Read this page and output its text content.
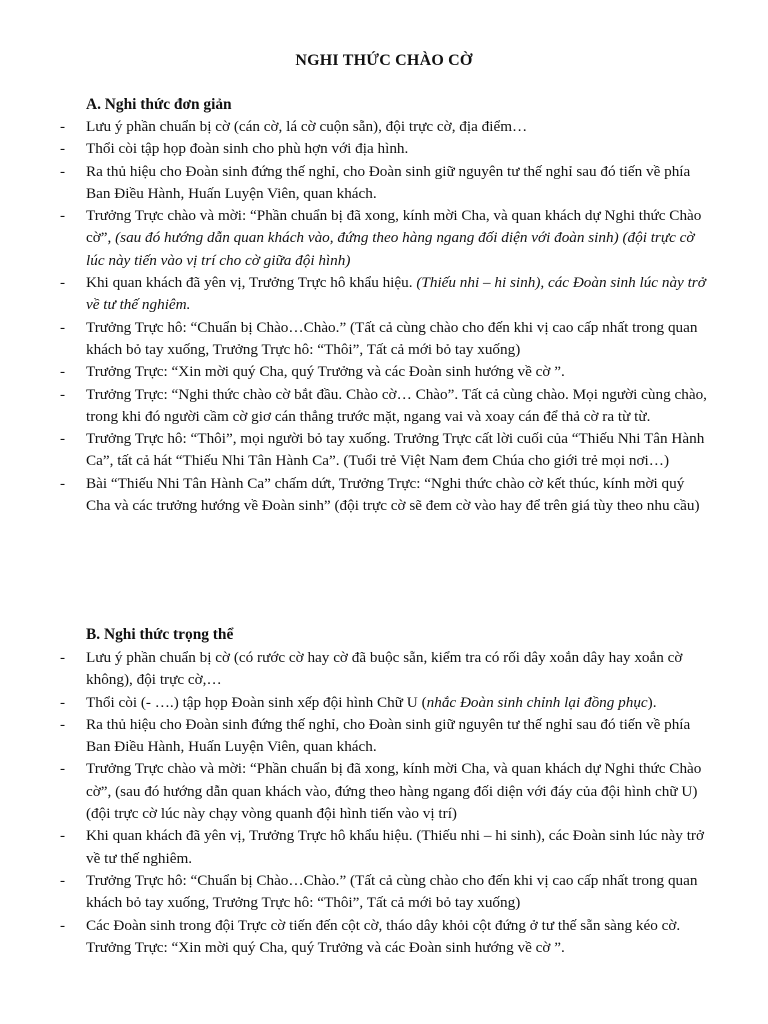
NGHI THỨC CHÀO CỜ
A. Nghi thức đơn giản
- Lưu ý phần chuẩn bị cờ (cán cờ, lá cờ cuộn sẵn), đội trực cờ, địa điểm…
- Thổi còi tập họp đoàn sinh cho phù hợn với địa hình.
- Ra thủ hiệu cho Đoàn sinh đứng thế nghỉ, cho Đoàn sinh giữ nguyên tư thế nghỉ sau đó tiến về phía Ban Điều Hành, Huấn Luyện Viên, quan khách.
- Trưởng Trực chào và mời: “Phần chuẩn bị đã xong, kính mời Cha, và quan khách dự Nghi thức Chào cờ”, (sau đó hướng dẫn quan khách vào, đứng theo hàng ngang đối diện với đoàn sinh) (đội trực cờ lúc này tiến vào vị trí cho cờ giữa đội hình)
- Khi quan khách đã yên vị, Trưởng Trực hô khẩu hiệu. (Thiếu nhi – hi sinh), các Đoàn sinh lúc này trở về tư thế nghiêm.
- Trưởng Trực hô: “Chuẩn bị Chào…Chào.” (Tất cả cùng chào cho đến khi vị cao cấp nhất trong quan khách bỏ tay xuống, Trưởng Trực hô: “Thôi”, Tất cả mới bỏ tay xuống)
- Trưởng Trực: “Xin mời quý Cha, quý Trưởng và các Đoàn sinh hướng về cờ ”.
- Trưởng Trực: “Nghi thức chào cờ bắt đầu. Chào cờ… Chào”. Tất cả cùng chào. Mọi người cùng chào, trong khi đó người cầm cờ giơ cán thẳng trước mặt, ngang vai và xoay cán để thả cờ ra từ từ.
- Trưởng Trực hô: “Thôi”, mọi người bỏ tay xuống. Trưởng Trực cất lời cuối của “Thiếu Nhi Tân Hành Ca”, tất cả hát “Thiếu Nhi Tân Hành Ca”. (Tuổi trẻ Việt Nam đem Chúa cho giới trẻ mọi nơi…)
- Bài “Thiếu Nhi Tân Hành Ca” chấm dứt, Trưởng Trực: “Nghi thức chào cờ kết thúc, kính mời quý Cha và các trưởng hướng về Đoàn sinh” (đội trực cờ sẽ đem cờ vào hay để trên giá tùy theo nhu cầu)
B. Nghi thức trọng thể
- Lưu ý phần chuẩn bị cờ (có rước cờ hay cờ đã buộc sẵn, kiểm tra có rối dây xoắn dây hay xoắn cờ không), đội trực cờ,…
- Thổi còi (- ….) tập họp Đoàn sinh xếp đội hình Chữ U (nhắc Đoàn sinh chỉnh lại đồng phục).
- Ra thủ hiệu cho Đoàn sinh đứng thế nghỉ, cho Đoàn sinh giữ nguyên tư thế nghỉ sau đó tiến về phía Ban Điều Hành, Huấn Luyện Viên, quan khách.
- Trưởng Trực chào và mời: “Phần chuẩn bị đã xong, kính mời Cha, và quan khách dự Nghi thức Chào cờ”, (sau đó hướng dẫn quan khách vào, đứng theo hàng ngang đối diện với đáy của đội hình chữ U) (đội trực cờ lúc này chạy vòng quanh đội hình tiến vào vị trí)
- Khi quan khách đã yên vị, Trưởng Trực hô khẩu hiệu. (Thiếu nhi – hi sinh), các Đoàn sinh lúc này trở về tư thế nghiêm.
- Trưởng Trực hô: “Chuẩn bị Chào…Chào.” (Tất cả cùng chào cho đến khi vị cao cấp nhất trong quan khách bỏ tay xuống, Trưởng Trực hô: “Thôi”, Tất cả mới bỏ tay xuống)
- Các Đoàn sinh trong đội Trực cờ tiến đến cột cờ, tháo dây khỏi cột đứng ở tư thế sẵn sàng kéo cờ. Trưởng Trực: “Xin mời quý Cha, quý Trưởng và các Đoàn sinh hướng về cờ ”.
